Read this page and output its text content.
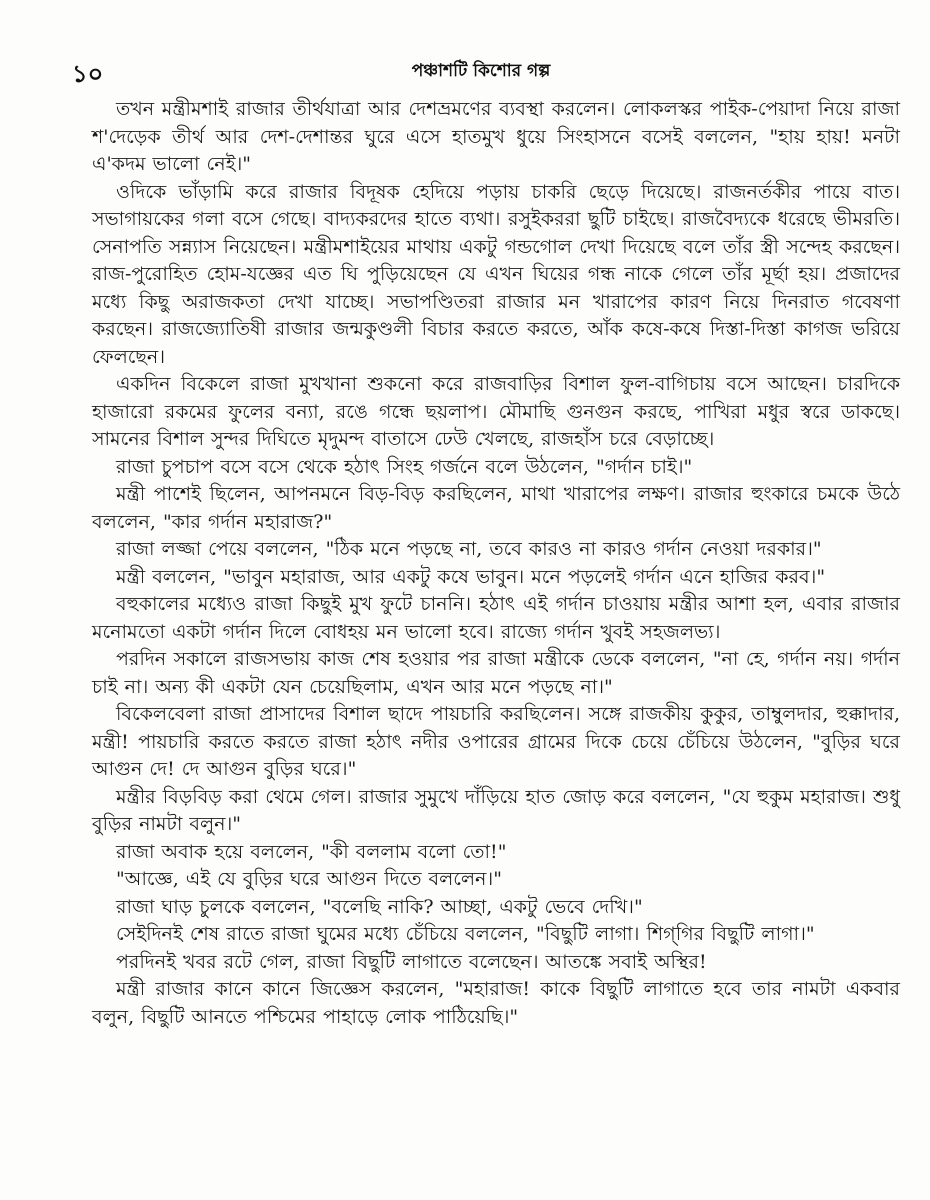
১০	পঞ্চাশটি কিশোর গল্প

তখন মন্ত্রীমশাই রাজার তীর্থযাত্রা আর দেশভ্রমণের ব্যবস্থা করলেন। লোকলস্কর পাইক-পেয়াদা নিয়ে রাজা শ'দেড়েক তীর্থ আর দেশ-দেশান্তর ঘুরে এসে হাতমুখ ধুয়ে সিংহাসনে বসেই বললেন, "হায় হায়! মনটা এ'কদম ভালো নেই।"

ওদিকে ভাঁড়ামি করে রাজার বিদূষক হেদিয়ে পড়ায় চাকরি ছেড়ে দিয়েছে। রাজনর্তকীর পায়ে বাত। সভাগায়কের গলা বসে গেছে। বাদ্যকরদের হাতে ব্যথা। রসুইকররা ছুটি চাইছে। রাজবৈদ্যকে ধরেছে ভীমরতি। সেনাপতি সন্ন্যাস নিয়েছেন। মন্ত্রীমশাইয়ের মাথায় একটু গন্ডগোল দেখা দিয়েছে বলে তাঁর স্ত্রী সন্দেহ করছেন। রাজ-পুরোহিত হোম-যজ্ঞের এত ঘি পুড়িয়েছেন যে এখন ঘিয়ের গন্ধ নাকে গেলে তাঁর মূর্ছা হয়। প্রজাদের মধ্যে কিছু অরাজকতা দেখা যাচ্ছে। সভাপণ্ডিতরা রাজার মন খারাপের কারণ নিয়ে দিনরাত গবেষণা করছেন। রাজজ্যোতিষী রাজার জন্মকুণ্ডলী বিচার করতে করতে, আঁক কষে-কষে দিস্তা-দিস্তা কাগজ ভরিয়ে ফেলছেন।

একদিন বিকেলে রাজা মুখখানা শুকনো করে রাজবাড়ির বিশাল ফুল-বাগিচায় বসে আছেন। চারদিকে হাজারো রকমের ফুলের বন্যা, রঙে গন্ধে ছয়লাপ। মৌমাছি গুনগুন করছে, পাখিরা মধুর স্বরে ডাকছে। সামনের বিশাল সুন্দর দিঘিতে মৃদুমন্দ বাতাসে ঢেউ খেলছে, রাজহাঁস চরে বেড়াচ্ছে।

রাজা চুপচাপ বসে বসে থেকে হঠাৎ সিংহ গর্জনে বলে উঠলেন, "গর্দান চাই।"

মন্ত্রী পাশেই ছিলেন, আপনমনে বিড়-বিড় করছিলেন, মাথা খারাপের লক্ষণ। রাজার হুংকারে চমকে উঠে বললেন, "কার গর্দান মহারাজ?"

রাজা লজ্জা পেয়ে বললেন, "ঠিক মনে পড়ছে না, তবে কারও না কারও গর্দান নেওয়া দরকার।"

মন্ত্রী বললেন, "ভাবুন মহারাজ, আর একটু কষে ভাবুন। মনে পড়লেই গর্দান এনে হাজির করব।"

বহুকালের মধ্যেও রাজা কিছুই মুখ ফুটে চাননি। হঠাৎ এই গর্দান চাওয়ায় মন্ত্রীর আশা হল, এবার রাজার মনোমতো একটা গর্দান দিলে বোধহয় মন ভালো হবে। রাজ্যে গর্দান খুবই সহজলভ্য।

পরদিন সকালে রাজসভায় কাজ শেষ হওয়ার পর রাজা মন্ত্রীকে ডেকে বললেন, "না হে, গর্দান নয়। গর্দান চাই না। অন্য কী একটা যেন চেয়েছিলাম, এখন আর মনে পড়ছে না।"

বিকেলবেলা রাজা প্রাসাদের বিশাল ছাদে পায়চারি করছিলেন। সঙ্গে রাজকীয় কুকুর, তাম্বুলদার, হুক্কাদার, মন্ত্রী! পায়চারি করতে করতে রাজা হঠাৎ নদীর ওপারের গ্রামের দিকে চেয়ে চেঁচিয়ে উঠলেন, "বুড়ির ঘরে আগুন দে! দে আগুন বুড়ির ঘরে।"

মন্ত্রীর বিড়বিড় করা থেমে গেল। রাজার সুমুখে দাঁড়িয়ে হাত জোড় করে বললেন, "যে হুকুম মহারাজ। শুধু বুড়ির নামটা বলুন।"

রাজা অবাক হয়ে বললেন, "কী বললাম বলো তো!"

"আজ্ঞে, এই যে বুড়ির ঘরে আগুন দিতে বললেন।"

রাজা ঘাড় চুলকে বললেন, "বলেছি নাকি? আচ্ছা, একটু ভেবে দেখি।"

সেইদিনই শেষ রাতে রাজা ঘুমের মধ্যে চেঁচিয়ে বললেন, "বিছুটি লাগা। শিগ্‌গির বিছুটি লাগা।"

পরদিনই খবর রটে গেল, রাজা বিছুটি লাগাতে বলেছেন। আতঙ্কে সবাই অস্থির!

মন্ত্রী রাজার কানে কানে জিজ্ঞেস করলেন, "মহারাজ! কাকে বিছুটি লাগাতে হবে তার নামটা একবার বলুন, বিছুটি আনতে পশ্চিমের পাহাড়ে লোক পাঠিয়েছি।"
